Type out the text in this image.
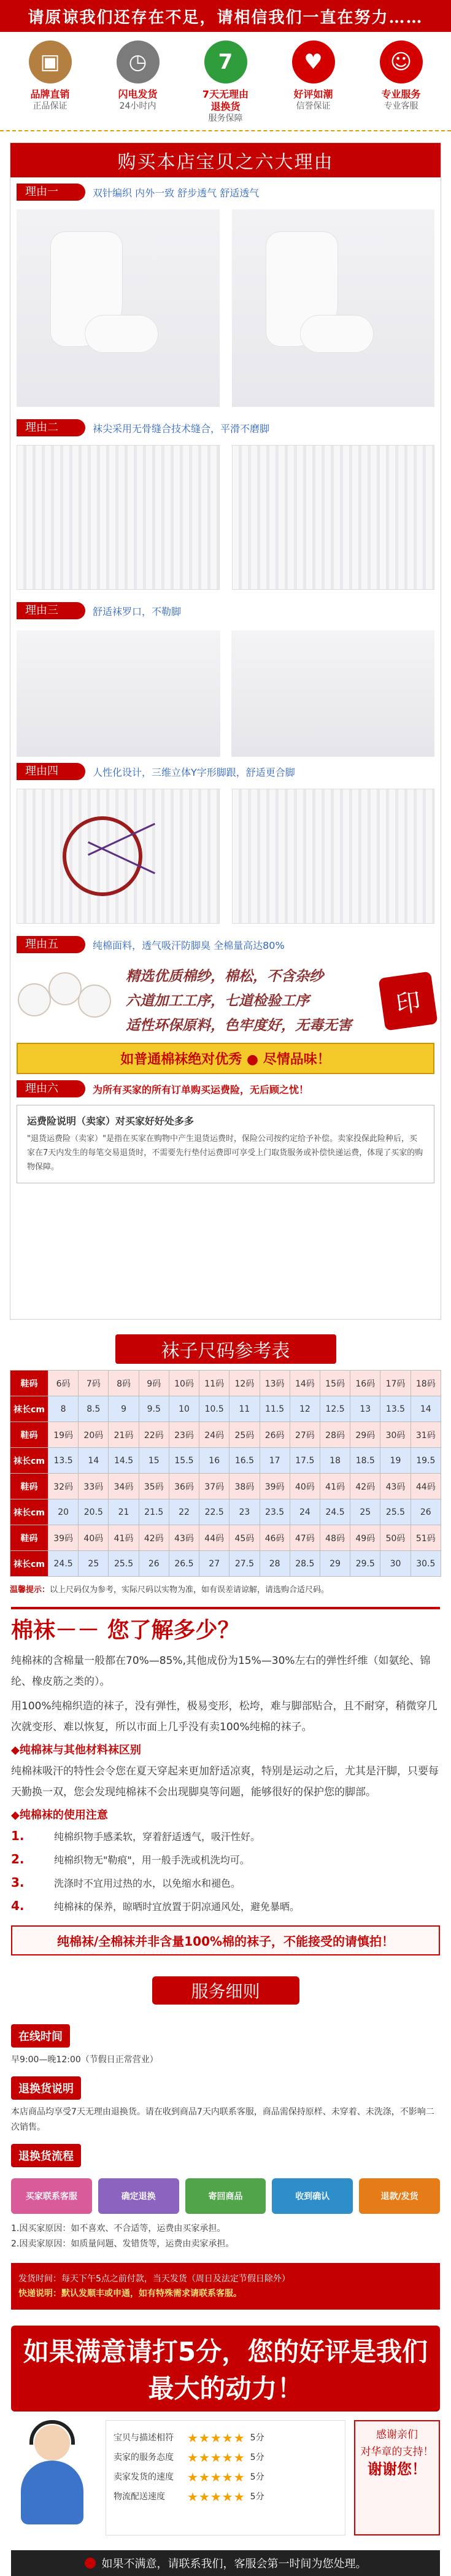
请原谅我们还存在不足，请相信我们一直在努力……
▣
品牌直销
正品保证
◷
闪电发货
24小时内
7
7天无理由退换货
服务保障
♥
好评如潮
信誉保证
☺
专业服务
专业客服
购买本店宝贝之六大理由
理由一	双针编织 内外一致 舒步透气 舒适透气
理由二	袜尖采用无骨缝合技术缝合，平滑不磨脚
理由三	舒适袜罗口，不勒脚
理由四	人性化设计，三维立体Y字形脚跟，舒适更合脚
理由五	纯棉面料，透气吸汗防脚臭 全棉量高达80%
精选优质棉纱，棉松，不含杂纱
六道加工工序，七道检验工序
适性环保原料，色牢度好，无毒无害
印
如普通棉袜绝对优秀 ● 尽情品味！
理由六	为所有买家的所有订单购买运费险，无后顾之忧！
运费险说明（卖家）对买家好好处多多
"退货运费险（卖家）"是指在买家在购物中产生退货运费时，保险公司按约定给予补偿。卖家投保此险种后，买家在7天内发生的每笔交易退货时，不需要先行垫付运费即可享受上门取货服务或补偿快递运费，体现了买家的购物保障。
袜子尺码参考表
鞋码	6码	7码	8码	9码	10码	11码	12码	13码	14码	15码	16码	17码	18码
袜长cm	8	8.5	9	9.5	10	10.5	11	11.5	12	12.5	13	13.5	14
鞋码	19码	20码	21码	22码	23码	24码	25码	26码	27码	28码	29码	30码	31码
袜长cm	13.5	14	14.5	15	15.5	16	16.5	17	17.5	18	18.5	19	19.5
鞋码	32码	33码	34码	35码	36码	37码	38码	39码	40码	41码	42码	43码	44码
袜长cm	20	20.5	21	21.5	22	22.5	23	23.5	24	24.5	25	25.5	26
鞋码	39码	40码	41码	42码	43码	44码	45码	46码	47码	48码	49码	50码	51码
袜长cm	24.5	25	25.5	26	26.5	27	27.5	28	28.5	29	29.5	30	30.5
温馨提示：以上尺码仅为参考，实际尺码以实物为准，如有误差请谅解，请选购合适尺码。
棉袜－－ 您了解多少？

纯棉袜的含棉量一般都在70%—85%,其他成份为15%—30%左右的弹性纤维（如氨纶、锦纶、橡皮筋之类的）。

用100%纯棉织造的袜子，没有弹性，极易变形，松垮，难与脚部贴合，且不耐穿，稍微穿几次就变形、难以恢复，所以市面上几乎没有卖100%纯棉的袜子。

◆纯棉袜与其他材料袜区别

纯棉袜吸汗的特性会令您在夏天穿起来更加舒适凉爽，特别是运动之后，尤其是汗脚，只要每天勤换一双，您会发现纯棉袜不会出现脚臭等问题，能够很好的保护您的脚部。

◆纯棉袜的使用注意
1.	纯棉织物手感柔软，穿着舒适透气，吸汗性好。
2.	纯棉织物无"勒痕"，用一般手洗或机洗均可。
3.	洗涤时不宜用过热的水，以免缩水和褪色。
4.	纯棉袜的保养，晾晒时宜放置于阴凉通风处，避免暴晒。
纯棉袜/全棉袜并非含量100%棉的袜子，不能接受的请慎拍！
服务细则
在线时间
早9:00—晚12:00（节假日正常营业）
退换货说明
本店商品均享受7天无理由退换货。请在收到商品7天内联系客服，商品需保持原样、未穿着、未洗涤，不影响二次销售。
退换货流程
买家联系客服	确定退换	寄回商品	收到确认	退款/发货
1.因买家原因：如不喜欢、不合适等，运费由买家承担。
2.因卖家原因：如质量问题、发错货等，运费由卖家承担。
发货时间：每天下午5点之前付款，当天发货（周日及法定节假日除外）
快递说明：默认发顺丰或申通，如有特殊需求请联系客服。
如果满意请打5分，您的好评是我们最大的动力！
宝贝与描述相符	★★★★★ 5分
卖家的服务态度	★★★★★ 5分
卖家发货的速度	★★★★★ 5分
物流配送速度	★★★★★ 5分
感谢亲们
对华章的支持！
谢谢您！
如果不满意，请联系我们，客服会第一时间为您处理。
